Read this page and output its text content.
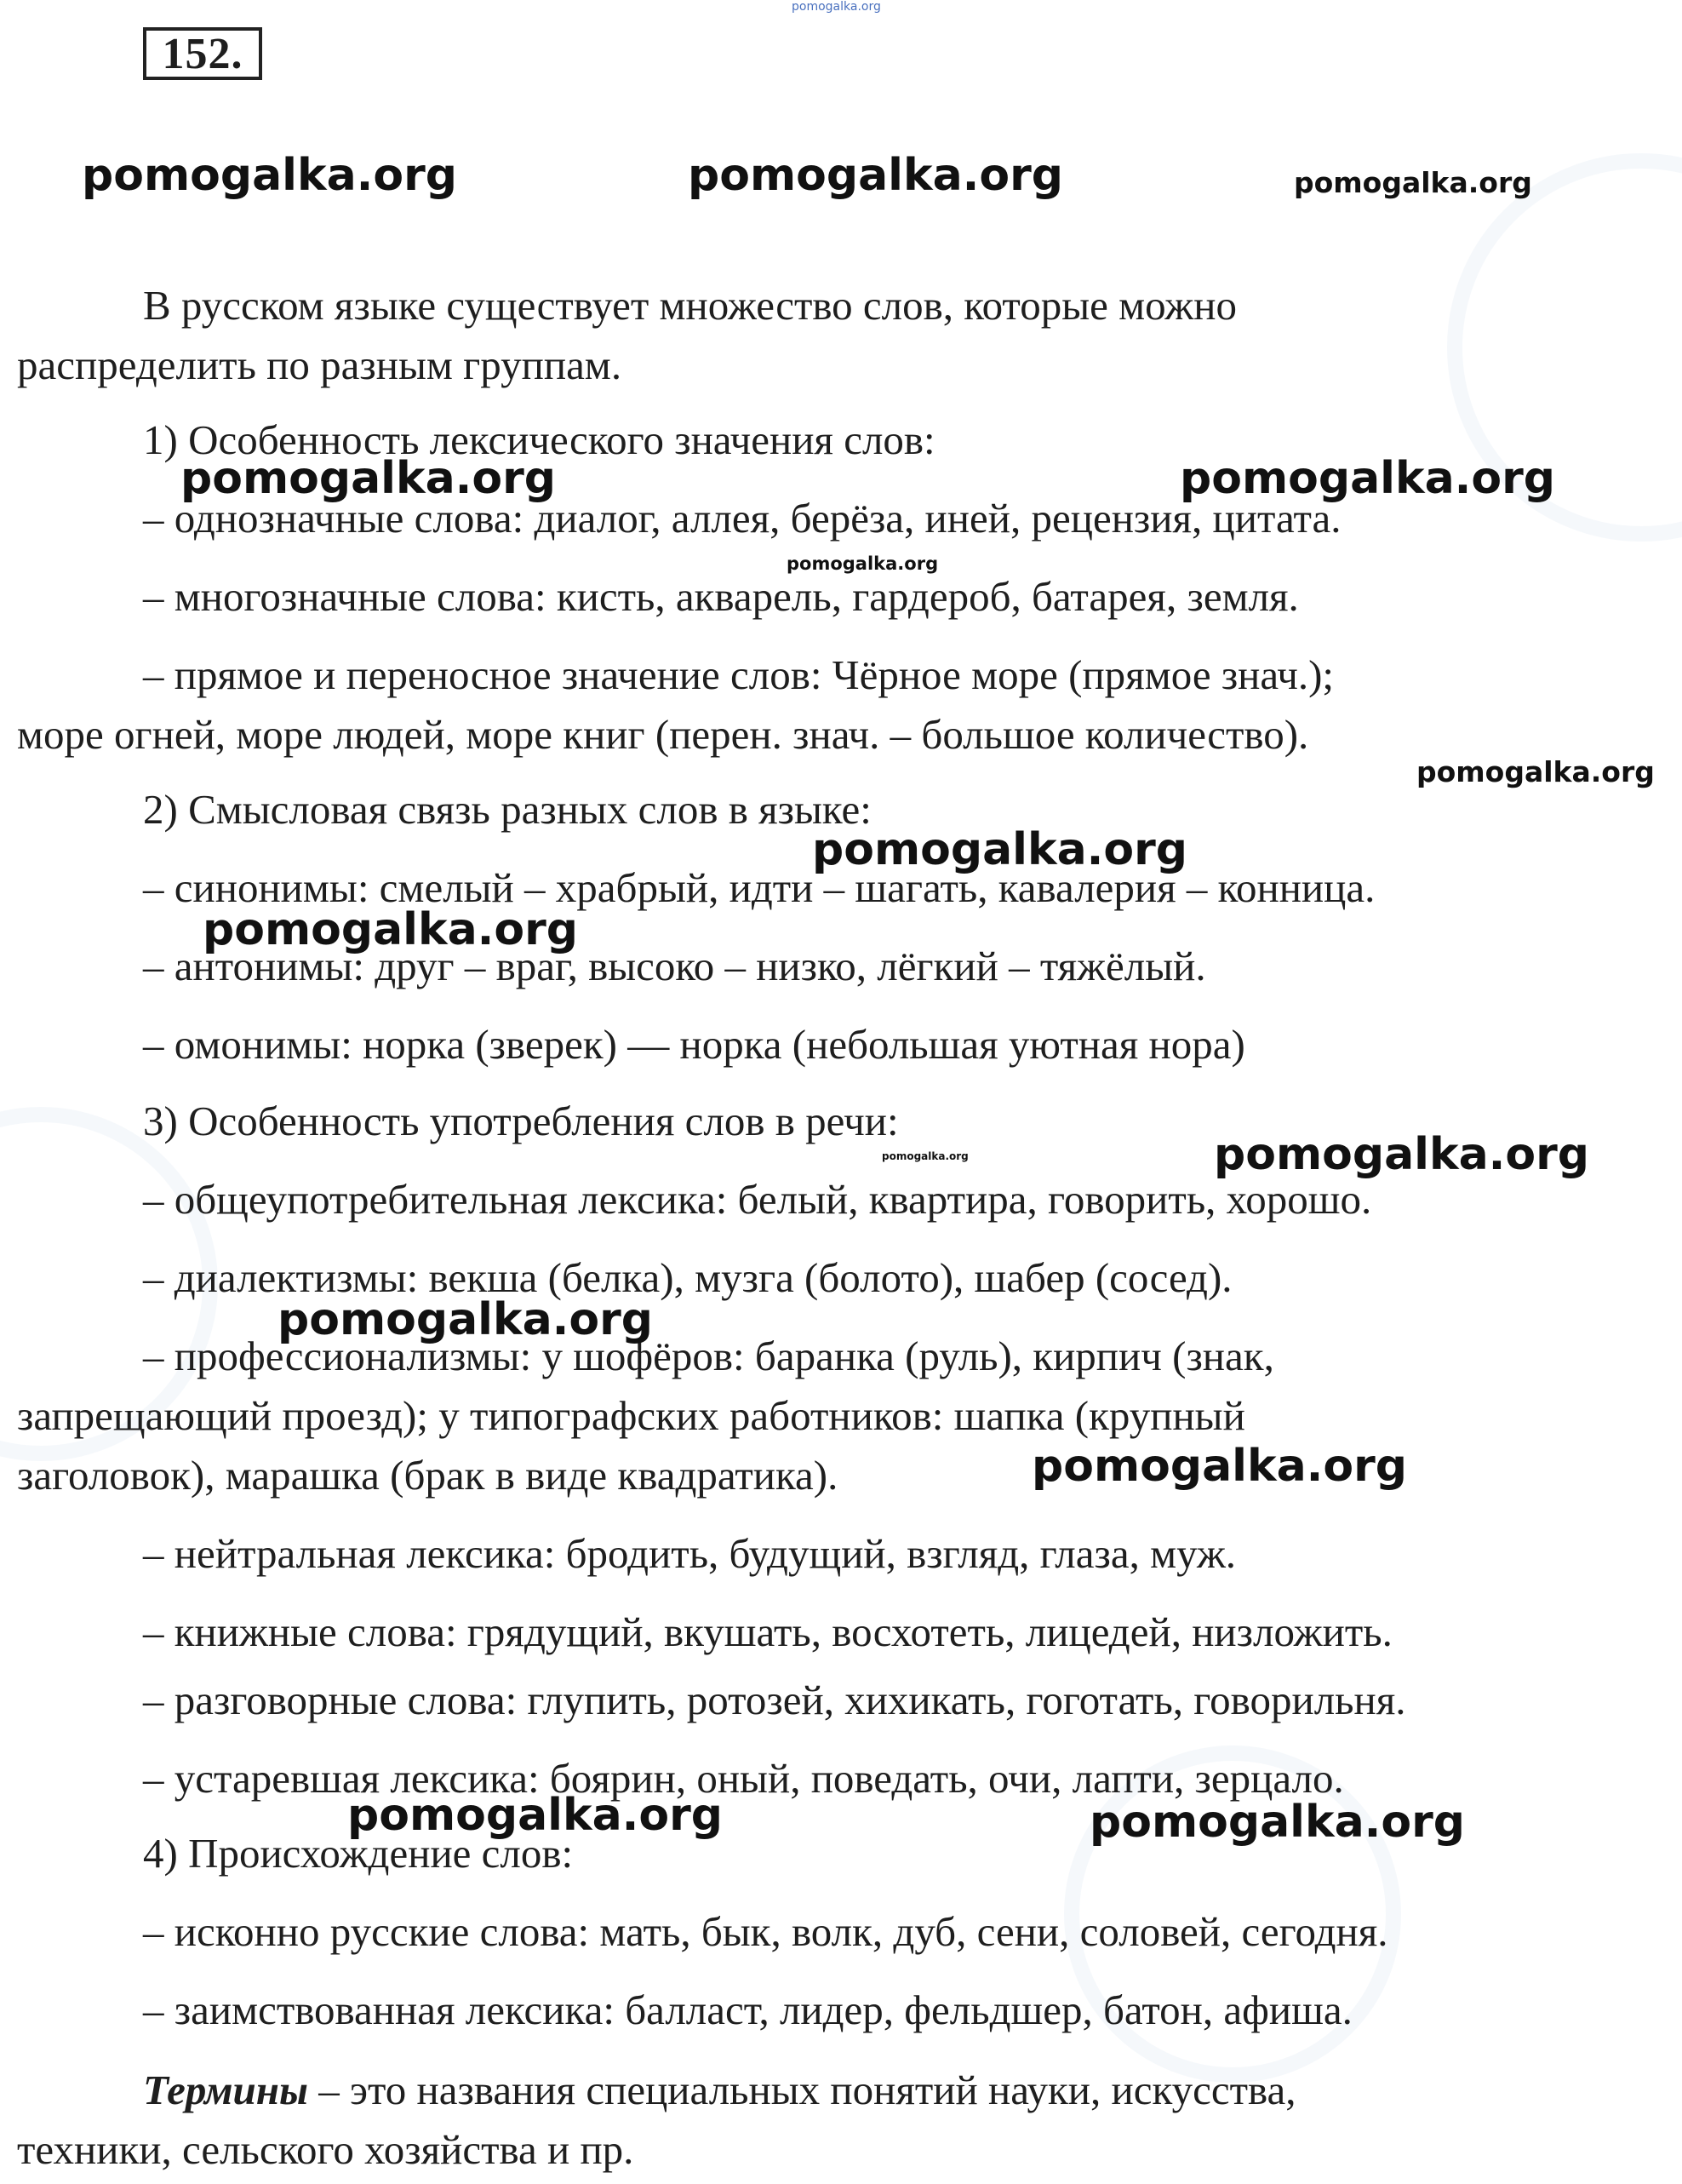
pomogalka.org
152.
pomogalka.org	pomogalka.org	pomogalka.org
В русском языке существует множество слов, которые можно
распределить по разным группам.
1) Особенность лексического значения слов:
– однозначные слова: диалог, аллея, берёза, иней, рецензия, цитата.
– многозначные слова: кисть, акварель, гардероб, батарея, земля.
– прямое и переносное значение слов: Чёрное море (прямое знач.);
море огней, море людей, море книг (перен. знач. – большое количество).
2) Смысловая связь разных слов в языке:
– синонимы: смелый – храбрый, идти – шагать, кавалерия – конница.
– антонимы: друг – враг, высоко – низко, лёгкий – тяжёлый.
– омонимы: норка (зверек) — норка (небольшая уютная нора)
3) Особенность употребления слов в речи:
– общеупотребительная лексика: белый, квартира, говорить, хорошо.
– диалектизмы: векша (белка), музга (болото), шабер (сосед).
– профессионализмы: у шофёров: баранка (руль), кирпич (знак,
запрещающий проезд); у типографских работников: шапка (крупный
заголовок), марашка (брак в виде квадратика).
– нейтральная лексика: бродить, будущий, взгляд, глаза, муж.
– книжные слова: грядущий, вкушать, восхотеть, лицедей, низложить.
– разговорные слова: глупить, ротозей, хихикать, гоготать, говорильня.
– устаревшая лексика: боярин, оный, поведать, очи, лапти, зерцало.
4) Происхождение слов:
– исконно русские слова: мать, бык, волк, дуб, сени, соловей, сегодня.
– заимствованная лексика: балласт, лидер, фельдшер, батон, афиша.
Термины – это названия специальных понятий науки, искусства,
техники, сельского хозяйства и пр.
pomogalka.org	pomogalka.org
pomogalka.org
pomogalka.org
pomogalka.org
pomogalka.org
pomogalka.org	pomogalka.org
pomogalka.org
pomogalka.org
pomogalka.org	pomogalka.org
